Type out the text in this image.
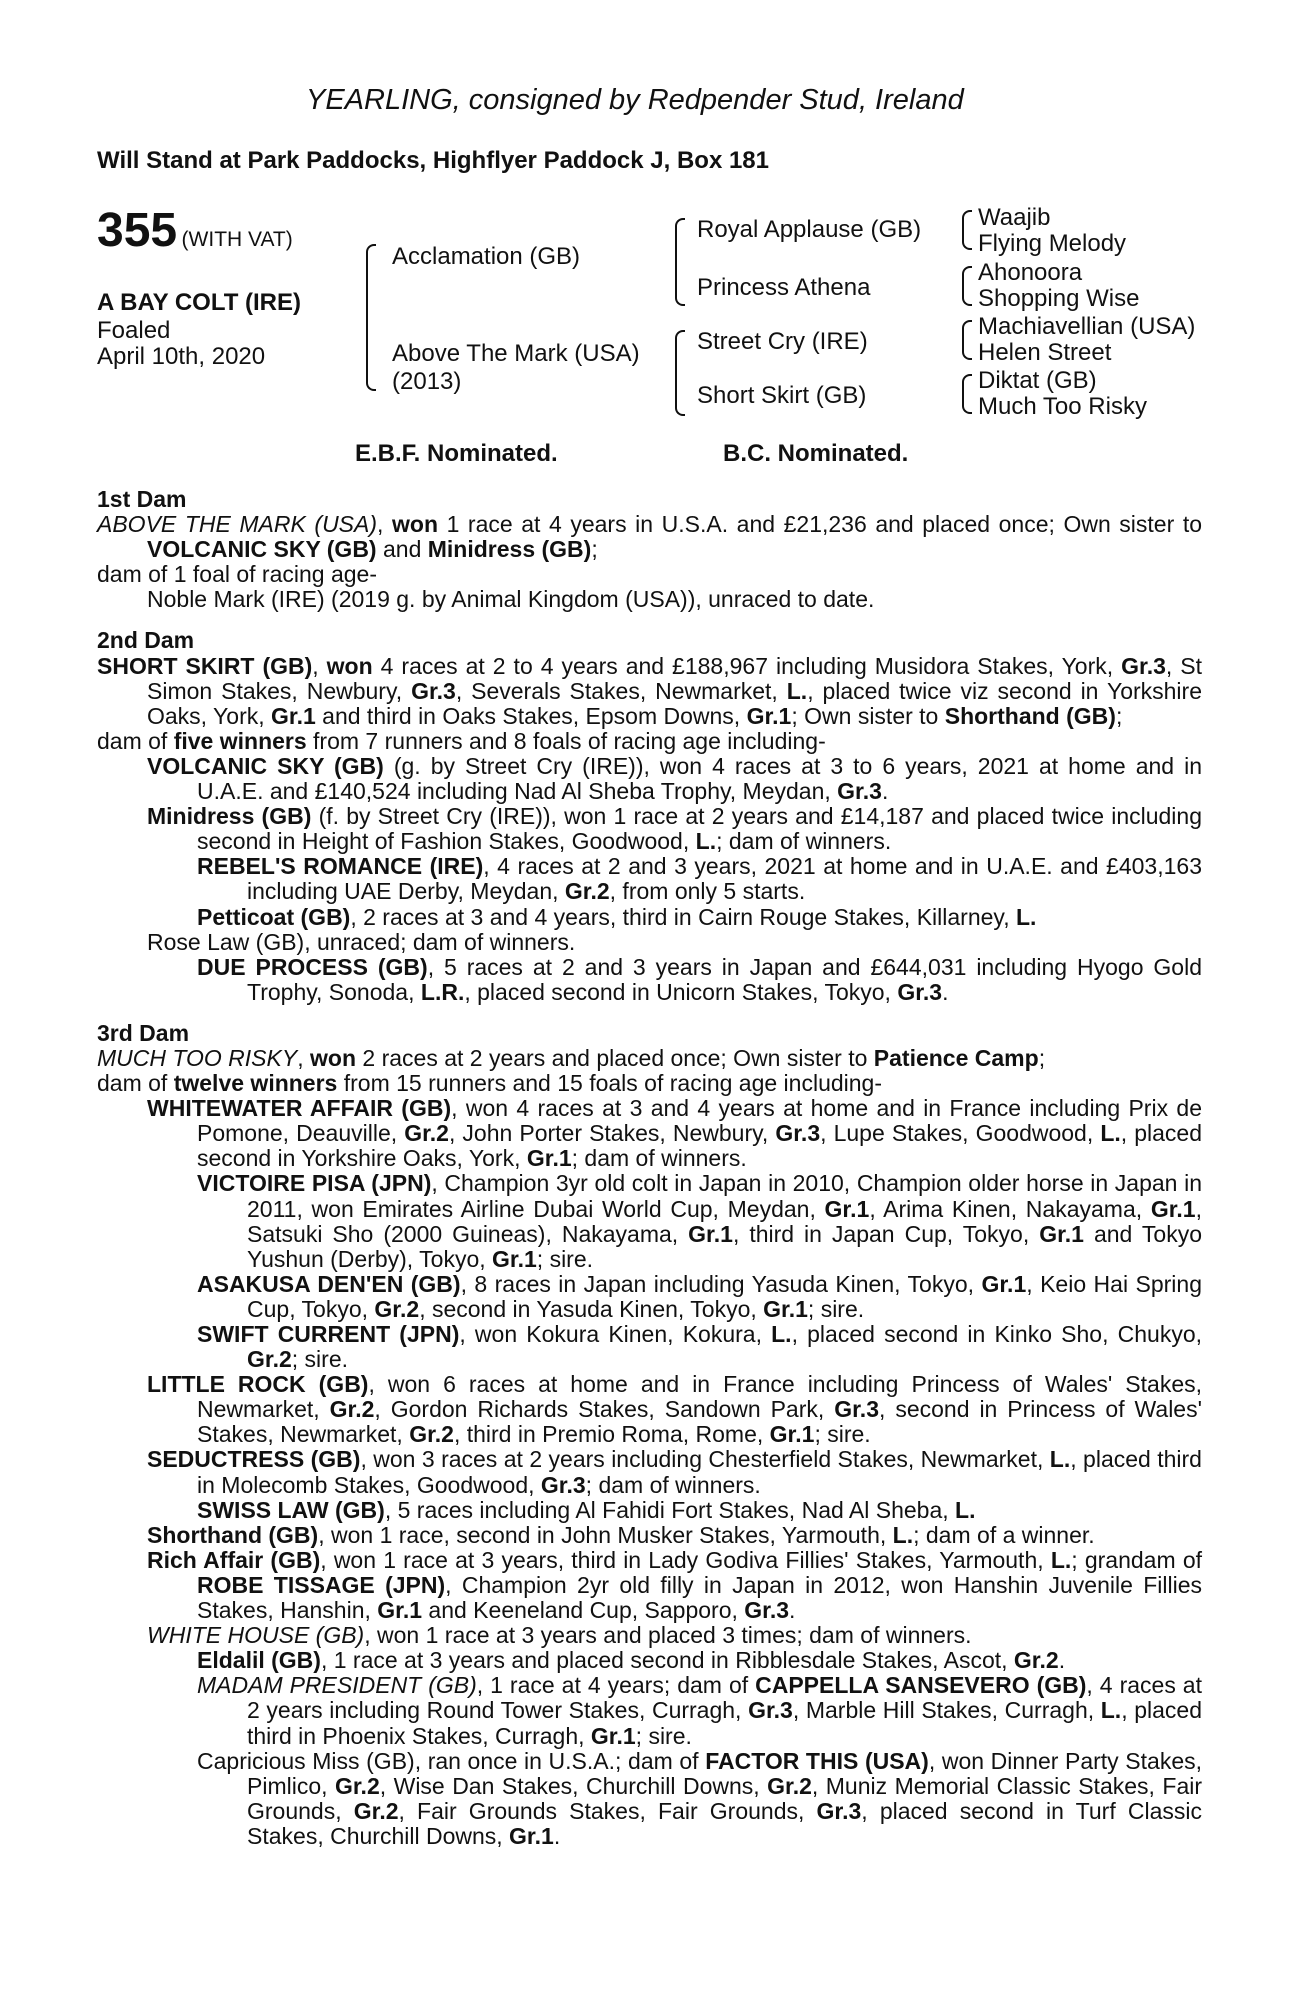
YEARLING, consigned by Redpender Stud, Ireland
Will Stand at Park Paddocks, Highflyer Paddock J, Box 181
355 (WITH VAT)
A BAY COLT (IRE)
Foaled
April 10th, 2020
Acclamation (GB)
Above The Mark (USA)
(2013)
Royal Applause (GB)
Princess Athena
Street Cry (IRE)
Short Skirt (GB)
Waajib
Flying Melody
Ahonoora
Shopping Wise
Machiavellian (USA)
Helen Street
Diktat (GB)
Much Too Risky
E.B.F. Nominated.	B.C. Nominated.
1st Dam
ABOVE THE MARK (USA), won 1 race at 4 years in U.S.A. and £21,236 and placed once; Own sister to VOLCANIC SKY (GB) and Minidress (GB);
dam of 1 foal of racing age-
Noble Mark (IRE) (2019 g. by Animal Kingdom (USA)), unraced to date.
2nd Dam
SHORT SKIRT (GB), won 4 races at 2 to 4 years and £188,967 including Musidora Stakes, York, Gr.3, St Simon Stakes, Newbury, Gr.3, Severals Stakes, Newmarket, L., placed twice viz second in Yorkshire Oaks, York, Gr.1 and third in Oaks Stakes, Epsom Downs, Gr.1; Own sister to Shorthand (GB);
dam of five winners from 7 runners and 8 foals of racing age including-
VOLCANIC SKY (GB) (g. by Street Cry (IRE)), won 4 races at 3 to 6 years, 2021 at home and in U.A.E. and £140,524 including Nad Al Sheba Trophy, Meydan, Gr.3.
Minidress (GB) (f. by Street Cry (IRE)), won 1 race at 2 years and £14,187 and placed twice including second in Height of Fashion Stakes, Goodwood, L.; dam of winners.
REBEL'S ROMANCE (IRE), 4 races at 2 and 3 years, 2021 at home and in U.A.E. and £403,163 including UAE Derby, Meydan, Gr.2, from only 5 starts.
Petticoat (GB), 2 races at 3 and 4 years, third in Cairn Rouge Stakes, Killarney, L.
Rose Law (GB), unraced; dam of winners.
DUE PROCESS (GB), 5 races at 2 and 3 years in Japan and £644,031 including Hyogo Gold Trophy, Sonoda, L.R., placed second in Unicorn Stakes, Tokyo, Gr.3.
3rd Dam
MUCH TOO RISKY, won 2 races at 2 years and placed once; Own sister to Patience Camp;
dam of twelve winners from 15 runners and 15 foals of racing age including-
WHITEWATER AFFAIR (GB), won 4 races at 3 and 4 years at home and in France including Prix de Pomone, Deauville, Gr.2, John Porter Stakes, Newbury, Gr.3, Lupe Stakes, Goodwood, L., placed second in Yorkshire Oaks, York, Gr.1; dam of winners.
VICTOIRE PISA (JPN), Champion 3yr old colt in Japan in 2010, Champion older horse in Japan in 2011, won Emirates Airline Dubai World Cup, Meydan, Gr.1, Arima Kinen, Nakayama, Gr.1, Satsuki Sho (2000 Guineas), Nakayama, Gr.1, third in Japan Cup, Tokyo, Gr.1 and Tokyo Yushun (Derby), Tokyo, Gr.1; sire.
ASAKUSA DEN'EN (GB), 8 races in Japan including Yasuda Kinen, Tokyo, Gr.1, Keio Hai Spring Cup, Tokyo, Gr.2, second in Yasuda Kinen, Tokyo, Gr.1; sire.
SWIFT CURRENT (JPN), won Kokura Kinen, Kokura, L., placed second in Kinko Sho, Chukyo, Gr.2; sire.
LITTLE ROCK (GB), won 6 races at home and in France including Princess of Wales' Stakes, Newmarket, Gr.2, Gordon Richards Stakes, Sandown Park, Gr.3, second in Princess of Wales' Stakes, Newmarket, Gr.2, third in Premio Roma, Rome, Gr.1; sire.
SEDUCTRESS (GB), won 3 races at 2 years including Chesterfield Stakes, Newmarket, L., placed third in Molecomb Stakes, Goodwood, Gr.3; dam of winners.
SWISS LAW (GB), 5 races including Al Fahidi Fort Stakes, Nad Al Sheba, L.
Shorthand (GB), won 1 race, second in John Musker Stakes, Yarmouth, L.; dam of a winner.
Rich Affair (GB), won 1 race at 3 years, third in Lady Godiva Fillies' Stakes, Yarmouth, L.; grandam of ROBE TISSAGE (JPN), Champion 2yr old filly in Japan in 2012, won Hanshin Juvenile Fillies Stakes, Hanshin, Gr.1 and Keeneland Cup, Sapporo, Gr.3.
WHITE HOUSE (GB), won 1 race at 3 years and placed 3 times; dam of winners.
Eldalil (GB), 1 race at 3 years and placed second in Ribblesdale Stakes, Ascot, Gr.2.
MADAM PRESIDENT (GB), 1 race at 4 years; dam of CAPPELLA SANSEVERO (GB), 4 races at 2 years including Round Tower Stakes, Curragh, Gr.3, Marble Hill Stakes, Curragh, L., placed third in Phoenix Stakes, Curragh, Gr.1; sire.
Capricious Miss (GB), ran once in U.S.A.; dam of FACTOR THIS (USA), won Dinner Party Stakes, Pimlico, Gr.2, Wise Dan Stakes, Churchill Downs, Gr.2, Muniz Memorial Classic Stakes, Fair Grounds, Gr.2, Fair Grounds Stakes, Fair Grounds, Gr.3, placed second in Turf Classic Stakes, Churchill Downs, Gr.1.
